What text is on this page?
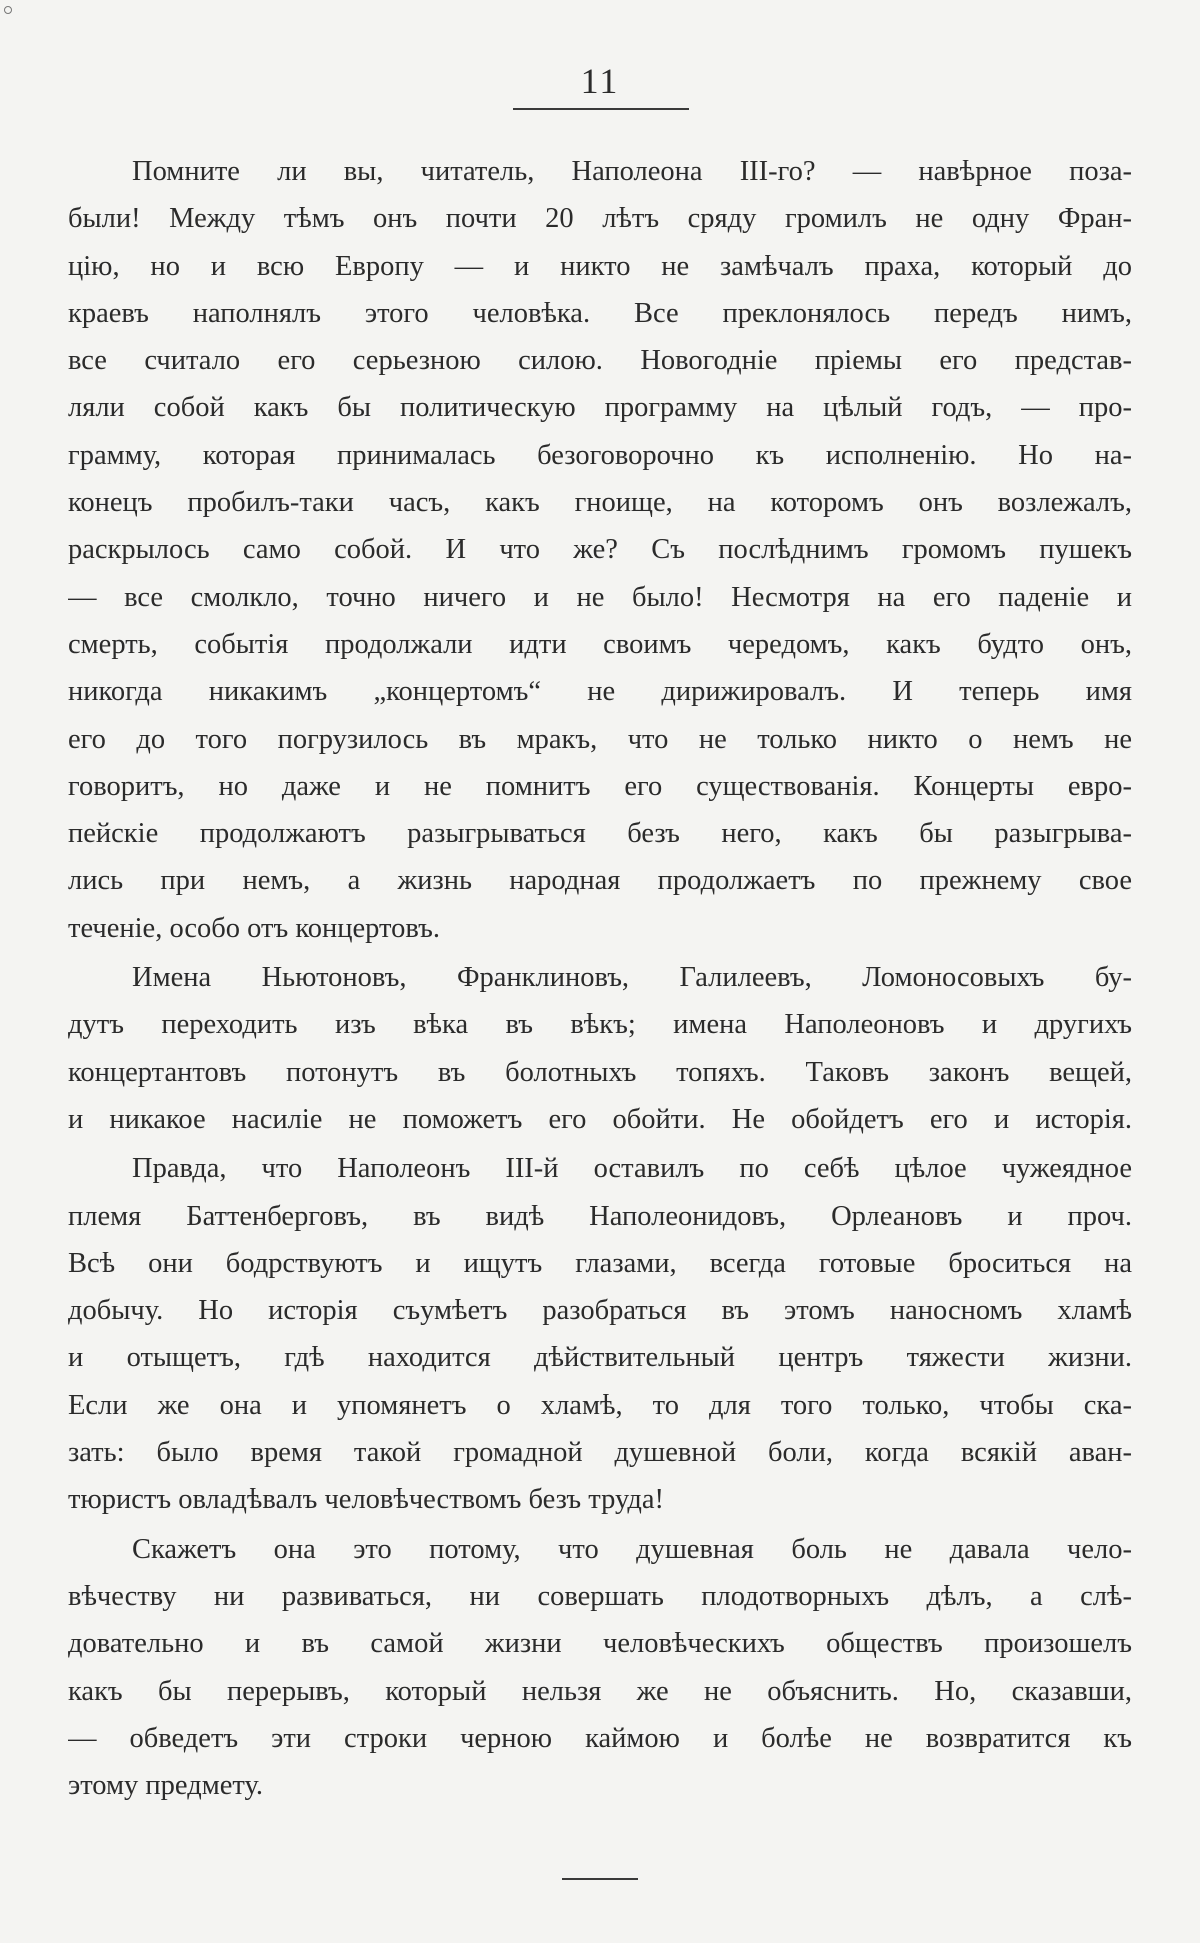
11
Помните ли вы, читатель, Наполеона III-го? — навѣрное поза-
были! Между тѣмъ онъ почти 20 лѣтъ сряду громилъ не одну Фран-
цію, но и всю Европу — и никто не замѣчалъ праха, который до
краевъ наполнялъ этого человѣка. Все преклонялось передъ нимъ,
все считало его серьезною силою. Новогодніе пріемы его представ-
ляли собой какъ бы политическую программу на цѣлый годъ, — про-
грамму, которая принималась безоговорочно къ исполненію. Но на-
конецъ пробилъ-таки часъ, какъ гноище, на которомъ онъ возлежалъ,
раскрылось само собой. И что же? Съ послѣднимъ громомъ пушекъ
— все смолкло, точно ничего и не было! Несмотря на его паденіе и
смерть, событія продолжали идти своимъ чередомъ, какъ будто онъ,
никогда никакимъ „концертомъ“ не дирижировалъ. И теперь имя
его до того погрузилось въ мракъ, что не только никто о немъ не
говоритъ, но даже и не помнитъ его существованія. Концерты евро-
пейскіе продолжаютъ разыгрываться безъ него, какъ бы разыгрыва-
лись при немъ, а жизнь народная продолжаетъ по прежнему свое
теченіе, особо отъ концертовъ.
Имена Ньютоновъ, Франклиновъ, Галилеевъ, Ломоносовыхъ бу-
дутъ переходить изъ вѣка въ вѣкъ; имена Наполеоновъ и другихъ
концертантовъ потонутъ въ болотныхъ топяхъ. Таковъ законъ вещей,
и никакое насиліе не поможетъ его обойти. Не обойдетъ его и исторія.
Правда, что Наполеонъ III-й оставилъ по себѣ цѣлое чужеядное
племя Баттенберговъ, въ видѣ Наполеонидовъ, Орлеановъ и проч.
Всѣ они бодрствуютъ и ищутъ глазами, всегда готовые броситься на
добычу. Но исторія съумѣетъ разобраться въ этомъ наносномъ хламѣ
и отыщетъ, гдѣ находится дѣйствительный центръ тяжести жизни.
Если же она и упомянетъ о хламѣ, то для того только, чтобы ска-
зать: было время такой громадной душевной боли, когда всякій аван-
тюристъ овладѣвалъ человѣчествомъ безъ труда!
Скажетъ она это потому, что душевная боль не давала чело-
вѣчеству ни развиваться, ни совершать плодотворныхъ дѣлъ, а слѣ-
довательно и въ самой жизни человѣческихъ обществъ произошелъ
какъ бы перерывъ, который нельзя же не объяснить. Но, сказавши,
— обведетъ эти строки черною каймою и болѣе не возвратится къ
этому предмету.
